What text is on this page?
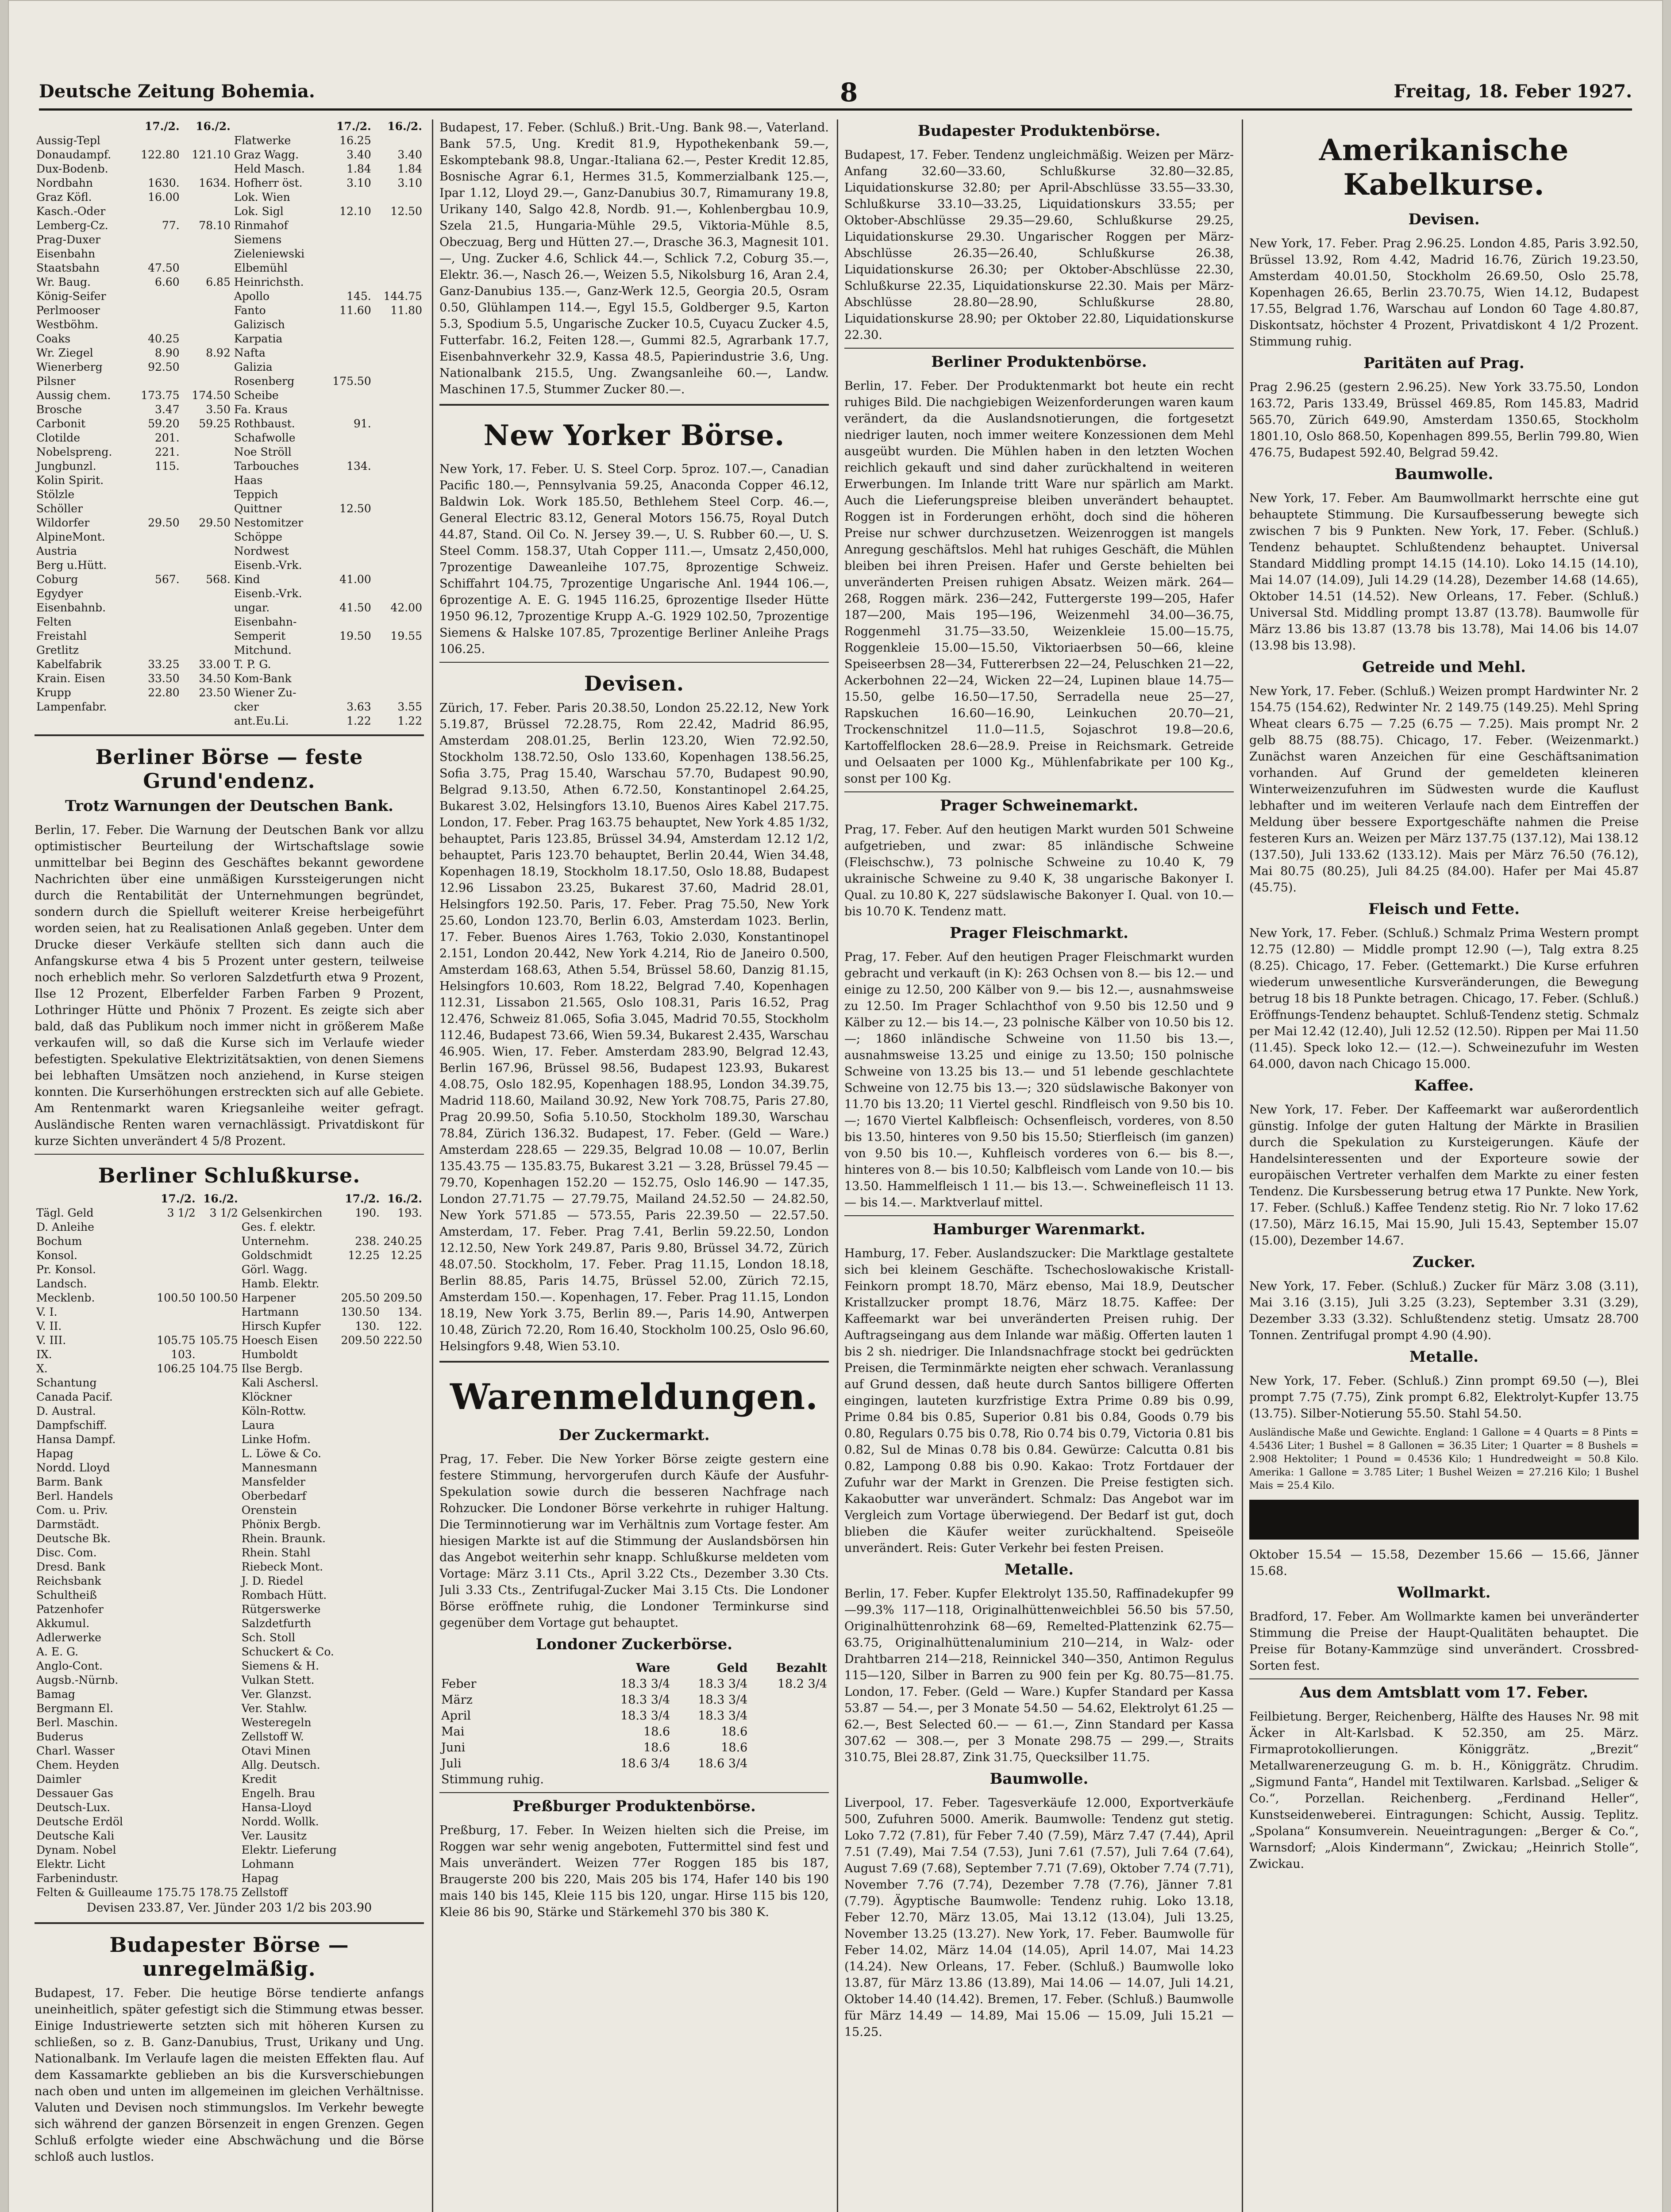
Deutsche Zeitung Bohemia.	8	Freitag, 18. Feber 1927.
	17./2.	16./2.		17./2.	16./2.
Aussig-Tepl			Flatwerke	16.25	
Donaudampf.	122.80	121.10	Graz Wagg.	3.40	3.40
Dux-Bodenb.			Held Masch.	1.84	1.84
Nordbahn	1630.	1634.	Hofherr öst.	3.10	3.10
Graz Köfl.	16.00		Lok. Wien		
Kasch.-Oder			Lok. Sigl	12.10	12.50
Lemberg-Cz.	77.	78.10	Rinmahof		
Prag-Duxer			Siemens		
Eisenbahn			Zieleniewski		
Staatsbahn	47.50		Elbemühl		
Wr. Baug.	6.60	6.85	Heinrichsth.		
König-Seifer			Apollo	145.	144.75
Perlmooser			Fanto	11.60	11.80
Westböhm.			Galizisch		
Coaks	40.25		Karpatia		
Wr. Ziegel	8.90	8.92	Nafta		
Wienerberg	92.50		Galizia		
Pilsner			Rosenberg	175.50	
Aussig chem.	173.75	174.50	Scheibe		
Brosche	3.47	3.50	Fa. Kraus		
Carbonit	59.20	59.25	Rothbaust.	91.	
Clotilde	201.		Schafwolle		
Nobelspreng.	221.		Noe Ströll		
Jungbunzl.	115.		Tarbouches	134.	
Kolin Spirit.			Haas		
Stölzle			Teppich		
Schöller			Quittner	12.50	
Wildorfer	29.50	29.50	Nestomitzer		
AlpineMont.			Schöppe		
Austria			Nordwest		
Berg u.Hütt.			Eisenb.-Vrk.		
Coburg	567.	568.	Kind	41.00	
Egydyer			Eisenb.-Vrk.		
Eisenbahnb.			ungar.	41.50	42.00
Felten			Eisenbahn-		
Freistahl			Semperit	19.50	19.55
Gretlitz			Mitchund.		
Kabelfabrik	33.25	33.00	T. P. G.		
Krain. Eisen	33.50	34.50	Kom-Bank		
Krupp	22.80	23.50	Wiener Zu-		
Lampenfabr.			cker	3.63	3.55
			ant.Eu.Li.	1.22	1.22
Berliner Börse — feste Grund'endenz.
Trotz Warnungen der Deutschen Bank.

Berlin, 17. Feber. Die Warnung der Deutschen Bank vor allzu optimistischer Beurteilung der Wirtschaftslage sowie unmittelbar bei Beginn des Geschäftes bekannt gewordene Nachrichten über eine unmäßigen Kurssteigerungen nicht durch die Rentabilität der Unternehmungen begründet, sondern durch die Spielluft weiterer Kreise herbeigeführt worden seien, hat zu Realisationen Anlaß gegeben. Unter dem Drucke dieser Verkäufe stellten sich dann auch die Anfangskurse etwa 4 bis 5 Prozent unter gestern, teilweise noch erheblich mehr. So verloren Salzdetfurth etwa 9 Prozent, Ilse 12 Prozent, Elberfelder Farben Farben 9 Prozent, Lothringer Hütte und Phönix 7 Prozent. Es zeigte sich aber bald, daß das Publikum noch immer nicht in größerem Maße verkaufen will, so daß die Kurse sich im Verlaufe wieder befestigten. Spekulative Elektrizitätsaktien, von denen Siemens bei lebhaften Umsätzen noch anziehend, in Kurse steigen konnten. Die Kurserhöhungen erstreckten sich auf alle Gebiete. Am Rentenmarkt waren Kriegsanleihe weiter gefragt. Ausländische Renten waren vernachlässigt. Privatdiskont für kurze Sichten unverändert 4 5/8 Prozent.

Berliner Schlußkurse.
	17./2.	16./2.		17./2.	16./2.
Tägl. Geld	3 1/2	3 1/2	Gelsenkirchen	190.	193.
D. Anleihe			Ges. f. elektr.		
Bochum			Unternehm.	238.	240.25
Konsol.			Goldschmidt	12.25	12.25
Pr. Konsol.			Görl. Wagg.		
Landsch.			Hamb. Elektr.		
Mecklenb.	100.50	100.50	Harpener	205.50	209.50
V. I.			Hartmann	130.50	134.
V. II.			Hirsch Kupfer	130.	122.
V. III.	105.75	105.75	Hoesch Eisen	209.50	222.50
IX.	103.		Humboldt		
X.	106.25	104.75	Ilse Bergb.		
Schantung			Kali Aschersl.		
Canada Pacif.			Klöckner		
D. Austral.			Köln-Rottw.		
Dampfschiff.			Laura		
Hansa Dampf.			Linke Hofm.		
Hapag			L. Löwe & Co.		
Nordd. Lloyd			Mannesmann		
Barm. Bank			Mansfelder		
Berl. Handels			Oberbedarf		
Com. u. Priv.			Orenstein		
Darmstädt.			Phönix Bergb.		
Deutsche Bk.			Rhein. Braunk.		
Disc. Com.			Rhein. Stahl		
Dresd. Bank			Riebeck Mont.		
Reichsbank			J. D. Riedel		
Schultheiß			Rombach Hütt.		
Patzenhofer			Rütgerswerke		
Akkumul.			Salzdetfurth		
Adlerwerke			Sch. Stoll		
A. E. G.			Schuckert & Co.		
Anglo-Cont.			Siemens & H.		
Augsb.-Nürnb.			Vulkan Stett.		
Bamag			Ver. Glanzst.		
Bergmann El.			Ver. Stahlw.		
Berl. Maschin.			Westeregeln		
Buderus			Zellstoff W.		
Charl. Wasser			Otavi Minen		
Chem. Heyden			Allg. Deutsch.		
Daimler			Kredit		
Dessauer Gas			Engelh. Brau		
Deutsch-Lux.			Hansa-Lloyd		
Deutsche Erdöl			Nordd. Wollk.		
Deutsche Kali			Ver. Lausitz		
Dynam. Nobel			Elektr. Lieferung		
Elektr. Licht			Lohmann		
Farbenindustr.			Hapag		
Felten & Guilleaume	175.75	178.75	Zellstoff		

Devisen 233.87, Ver. Jünder 203 1/2 bis 203.90

Budapester Börse — unregelmäßig.

Budapest, 17. Feber. Die heutige Börse tendierte anfangs uneinheitlich, später gefestigt sich die Stimmung etwas besser. Einige Industriewerte setzten sich mit höheren Kursen zu schließen, so z. B. Ganz-Danubius, Trust, Urikany und Ung. Nationalbank. Im Verlaufe lagen die meisten Effekten flau. Auf dem Kassamarkte geblieben an bis die Kursverschiebungen nach oben und unten im allgemeinen im gleichen Verhältnisse. Valuten und Devisen noch stimmungslos. Im Verkehr bewegte sich während der ganzen Börsenzeit in engen Grenzen. Gegen Schluß erfolgte wieder eine Abschwächung und die Börse schloß auch lustlos.

Budapest, 17. Feber. (Schluß.) Brit.-Ung. Bank 98.—, Vaterland. Bank 57.5, Ung. Kredit 81.9, Hypothekenbank 59.—, Eskomptebank 98.8, Ungar.-Italiana 62.—, Pester Kredit 12.85, Bosnische Agrar 6.1, Hermes 31.5, Kommerzialbank 125.—, Ipar 1.12, Lloyd 29.—, Ganz-Danubius 30.7, Rimamurany 19.8, Urikany 140, Salgo 42.8, Nordb. 91.—, Kohlenbergbau 10.9, Szela 21.5, Hungaria-Mühle 29.5, Viktoria-Mühle 8.5, Obeczuag, Berg und Hütten 27.—, Drasche 36.3, Magnesit 101.—, Ung. Zucker 4.6, Schlick 44.—, Schlick 7.2, Coburg 35.—, Elektr. 36.—, Nasch 26.—, Weizen 5.5, Nikolsburg 16, Aran 2.4, Ganz-Danubius 135.—, Ganz-Werk 12.5, Georgia 20.5, Osram 0.50, Glühlampen 114.—, Egyl 15.5, Goldberger 9.5, Karton 5.3, Spodium 5.5, Ungarische Zucker 10.5, Cuyacu Zucker 4.5, Futterfabr. 16.2, Feiten 128.—, Gummi 82.5, Agrarbank 17.7, Eisenbahnverkehr 32.9, Kassa 48.5, Papierindustrie 3.6, Ung. Nationalbank 215.5, Ung. Zwangsanleihe 60.—, Landw. Maschinen 17.5, Stummer Zucker 80.—.

New Yorker Börse.

New York, 17. Feber. U. S. Steel Corp. 5proz. 107.—, Canadian Pacific 180.—, Pennsylvania 59.25, Anaconda Copper 46.12, Baldwin Lok. Work 185.50, Bethlehem Steel Corp. 46.—, General Electric 83.12, General Motors 156.75, Royal Dutch 44.87, Stand. Oil Co. N. Jersey 39.—, U. S. Rubber 60.—, U. S. Steel Comm. 158.37, Utah Copper 111.—, Umsatz 2,450,000, 7prozentige Daweanleihe 107.75, 8prozentige Schweiz. Schiffahrt 104.75, 7prozentige Ungarische Anl. 1944 106.—, 6prozentige A. E. G. 1945 116.25, 6prozentige Ilseder Hütte 1950 96.12, 7prozentige Krupp A.-G. 1929 102.50, 7prozentige Siemens & Halske 107.85, 7prozentige Berliner Anleihe Prags 106.25.

Devisen.

Zürich, 17. Feber. Paris 20.38.50, London 25.22.12, New York 5.19.87, Brüssel 72.28.75, Rom 22.42, Madrid 86.95, Amsterdam 208.01.25, Berlin 123.20, Wien 72.92.50, Stockholm 138.72.50, Oslo 133.60, Kopenhagen 138.56.25, Sofia 3.75, Prag 15.40, Warschau 57.70, Budapest 90.90, Belgrad 9.13.50, Athen 6.72.50, Konstantinopel 2.64.25, Bukarest 3.02, Helsingfors 13.10, Buenos Aires Kabel 217.75. London, 17. Feber. Prag 163.75 behauptet, New York 4.85 1/32, behauptet, Paris 123.85, Brüssel 34.94, Amsterdam 12.12 1/2, behauptet, Paris 123.70 behauptet, Berlin 20.44, Wien 34.48, Kopenhagen 18.19, Stockholm 18.17.50, Oslo 18.88, Budapest 12.96 Lissabon 23.25, Bukarest 37.60, Madrid 28.01, Helsingfors 192.50. Paris, 17. Feber. Prag 75.50, New York 25.60, London 123.70, Berlin 6.03, Amsterdam 1023. Berlin, 17. Feber. Buenos Aires 1.763, Tokio 2.030, Konstantinopel 2.151, London 20.442, New York 4.214, Rio de Janeiro 0.500, Amsterdam 168.63, Athen 5.54, Brüssel 58.60, Danzig 81.15, Helsingfors 10.603, Rom 18.22, Belgrad 7.40, Kopenhagen 112.31, Lissabon 21.565, Oslo 108.31, Paris 16.52, Prag 12.476, Schweiz 81.065, Sofia 3.045, Madrid 70.55, Stockholm 112.46, Budapest 73.66, Wien 59.34, Bukarest 2.435, Warschau 46.905. Wien, 17. Feber. Amsterdam 283.90, Belgrad 12.43, Berlin 167.96, Brüssel 98.56, Budapest 123.93, Bukarest 4.08.75, Oslo 182.95, Kopenhagen 188.95, London 34.39.75, Madrid 118.60, Mailand 30.92, New York 708.75, Paris 27.80, Prag 20.99.50, Sofia 5.10.50, Stockholm 189.30, Warschau 78.84, Zürich 136.32. Budapest, 17. Feber. (Geld — Ware.) Amsterdam 228.65 — 229.35, Belgrad 10.08 — 10.07, Berlin 135.43.75 — 135.83.75, Bukarest 3.21 — 3.28, Brüssel 79.45 — 79.70, Kopenhagen 152.20 — 152.75, Oslo 146.90 — 147.35, London 27.71.75 — 27.79.75, Mailand 24.52.50 — 24.82.50, New York 571.85 — 573.55, Paris 22.39.50 — 22.57.50. Amsterdam, 17. Feber. Prag 7.41, Berlin 59.22.50, London 12.12.50, New York 249.87, Paris 9.80, Brüssel 34.72, Zürich 48.07.50. Stockholm, 17. Feber. Prag 11.15, London 18.18, Berlin 88.85, Paris 14.75, Brüssel 52.00, Zürich 72.15, Amsterdam 150.—. Kopenhagen, 17. Feber. Prag 11.15, London 18.19, New York 3.75, Berlin 89.—, Paris 14.90, Antwerpen 10.48, Zürich 72.20, Rom 16.40, Stockholm 100.25, Oslo 96.60, Helsingfors 9.48, Wien 53.10.

Warenmeldungen.
Der Zuckermarkt.

Prag, 17. Feber. Die New Yorker Börse zeigte gestern eine festere Stimmung, hervorgerufen durch Käufe der Ausfuhr-Spekulation sowie durch die besseren Nachfrage nach Rohzucker. Die Londoner Börse verkehrte in ruhiger Haltung. Die Terminnotierung war im Verhältnis zum Vortage fester. Am hiesigen Markte ist auf die Stimmung der Auslandsbörsen hin das Angebot weiterhin sehr knapp. Schlußkurse meldeten vom Vortage: März 3.11 Cts., April 3.22 Cts., Dezember 3.30 Cts. Juli 3.33 Cts., Zentrifugal-Zucker Mai 3.15 Cts. Die Londoner Börse eröffnete ruhig, die Londoner Terminkurse sind gegenüber dem Vortage gut behauptet.

Londoner Zuckerbörse.
	Ware	Geld	Bezahlt
Feber	18.3 3/4	18.3 3/4	18.2 3/4
März	18.3 3/4	18.3 3/4	
April	18.3 3/4	18.3 3/4	
Mai	18.6	18.6	
Juni	18.6	18.6	
Juli	18.6 3/4	18.6 3/4	
Stimmung ruhig.			
Preßburger Produktenbörse.

Preßburg, 17. Feber. In Weizen hielten sich die Preise, im Roggen war sehr wenig angeboten, Futtermittel sind fest und Mais unverändert. Weizen 77er Roggen 185 bis 187, Braugerste 200 bis 220, Mais 205 bis 174, Hafer 140 bis 190 mais 140 bis 145, Kleie 115 bis 120, ungar. Hirse 115 bis 120, Kleie 86 bis 90, Stärke und Stärkemehl 370 bis 380 K.

Budapester Produktenbörse.

Budapest, 17. Feber. Tendenz ungleichmäßig. Weizen per März-Anfang 32.60—33.60, Schlußkurse 32.80—32.85, Liquidationskurse 32.80; per April-Abschlüsse 33.55—33.30, Schlußkurse 33.10—33.25, Liquidationskurs 33.55; per Oktober-Abschlüsse 29.35—29.60, Schlußkurse 29.25, Liquidationskurse 29.30. Ungarischer Roggen per März-Abschlüsse 26.35—26.40, Schlußkurse 26.38, Liquidationskurse 26.30; per Oktober-Abschlüsse 22.30, Schlußkurse 22.35, Liquidationskurse 22.30. Mais per März-Abschlüsse 28.80—28.90, Schlußkurse 28.80, Liquidationskurse 28.90; per Oktober 22.80, Liquidationskurse 22.30.

Berliner Produktenbörse.

Berlin, 17. Feber. Der Produktenmarkt bot heute ein recht ruhiges Bild. Die nachgiebigen Weizenforderungen waren kaum verändert, da die Auslandsnotierungen, die fortgesetzt niedriger lauten, noch immer weitere Konzessionen dem Mehl ausgeübt wurden. Die Mühlen haben in den letzten Wochen reichlich gekauft und sind daher zurückhaltend in weiteren Erwerbungen. Im Inlande tritt Ware nur spärlich am Markt. Auch die Lieferungspreise bleiben unverändert behauptet. Roggen ist in Forderungen erhöht, doch sind die höheren Preise nur schwer durchzusetzen. Weizenroggen ist mangels Anregung geschäftslos. Mehl hat ruhiges Geschäft, die Mühlen bleiben bei ihren Preisen. Hafer und Gerste behielten bei unveränderten Preisen ruhigen Absatz. Weizen märk. 264—268, Roggen märk. 236—242, Futtergerste 199—205, Hafer 187—200, Mais 195—196, Weizenmehl 34.00—36.75, Roggenmehl 31.75—33.50, Weizenkleie 15.00—15.75, Roggenkleie 15.00—15.50, Viktoriaerbsen 50—66, kleine Speiseerbsen 28—34, Futtererbsen 22—24, Peluschken 21—22, Ackerbohnen 22—24, Wicken 22—24, Lupinen blaue 14.75—15.50, gelbe 16.50—17.50, Serradella neue 25—27, Rapskuchen 16.60—16.90, Leinkuchen 20.70—21, Trockenschnitzel 11.0—11.5, Sojaschrot 19.8—20.6, Kartoffelflocken 28.6—28.9. Preise in Reichsmark. Getreide und Oelsaaten per 1000 Kg., Mühlenfabrikate per 100 Kg., sonst per 100 Kg.

Prager Schweinemarkt.

Prag, 17. Feber. Auf den heutigen Markt wurden 501 Schweine aufgetrieben, und zwar: 85 inländische Schweine (Fleischschw.), 73 polnische Schweine zu 10.40 K, 79 ukrainische Schweine zu 9.40 K, 38 ungarische Bakonyer I. Qual. zu 10.80 K, 227 südslawische Bakonyer I. Qual. von 10.— bis 10.70 K. Tendenz matt.

Prager Fleischmarkt.

Prag, 17. Feber. Auf den heutigen Prager Fleischmarkt wurden gebracht und verkauft (in K): 263 Ochsen von 8.— bis 12.— und einige zu 12.50, 200 Kälber von 9.— bis 12.—, ausnahmsweise zu 12.50. Im Prager Schlachthof von 9.50 bis 12.50 und 9 Kälber zu 12.— bis 14.—, 23 polnische Kälber von 10.50 bis 12.—; 1860 inländische Schweine von 11.50 bis 13.—, ausnahmsweise 13.25 und einige zu 13.50; 150 polnische Schweine von 13.25 bis 13.— und 51 lebende geschlachtete Schweine von 12.75 bis 13.—; 320 südslawische Bakonyer von 11.70 bis 13.20; 11 Viertel geschl. Rindfleisch von 9.50 bis 10.—; 1670 Viertel Kalbfleisch: Ochsenfleisch, vorderes, von 8.50 bis 13.50, hinteres von 9.50 bis 15.50; Stierfleisch (im ganzen) von 9.50 bis 10.—, Kuhfleisch vorderes von 6.— bis 8.—, hinteres von 8.— bis 10.50; Kalbfleisch vom Lande von 10.— bis 13.50. Hammelfleisch 1 11.— bis 13.—. Schweinefleisch 11 13.— bis 14.—. Marktverlauf mittel.

Hamburger Warenmarkt.

Hamburg, 17. Feber. Auslandszucker: Die Marktlage gestaltete sich bei kleinem Geschäfte. Tschechoslowakische Kristall-Feinkorn prompt 18.70, März ebenso, Mai 18.9, Deutscher Kristallzucker prompt 18.76, März 18.75. Kaffee: Der Kaffeemarkt war bei unveränderten Preisen ruhig. Der Auftragseingang aus dem Inlande war mäßig. Offerten lauten 1 bis 2 sh. niedriger. Die Inlandsnachfrage stockt bei gedrückten Preisen, die Terminmärkte neigten eher schwach. Veranlassung auf Grund dessen, daß heute durch Santos billigere Offerten eingingen, lauteten kurzfristige Extra Prime 0.89 bis 0.99, Prime 0.84 bis 0.85, Superior 0.81 bis 0.84, Goods 0.79 bis 0.80, Regulars 0.75 bis 0.78, Rio 0.74 bis 0.79, Victoria 0.81 bis 0.82, Sul de Minas 0.78 bis 0.84. Gewürze: Calcutta 0.81 bis 0.82, Lampong 0.88 bis 0.90. Kakao: Trotz Fortdauer der Zufuhr war der Markt in Grenzen. Die Preise festigten sich. Kakaobutter war unverändert. Schmalz: Das Angebot war im Vergleich zum Vortage überwiegend. Der Bedarf ist gut, doch blieben die Käufer weiter zurückhaltend. Speiseöle unverändert. Reis: Guter Verkehr bei festen Preisen.

Metalle.

Berlin, 17. Feber. Kupfer Elektrolyt 135.50, Raffinadekupfer 99—99.3% 117—118, Originalhüttenweichblei 56.50 bis 57.50, Originalhüttenrohzink 68—69, Remelted-Plattenzink 62.75—63.75, Originalhüttenaluminium 210—214, in Walz- oder Drahtbarren 214—218, Reinnickel 340—350, Antimon Regulus 115—120, Silber in Barren zu 900 fein per Kg. 80.75—81.75. London, 17. Feber. (Geld — Ware.) Kupfer Standard per Kassa 53.87 — 54.—, per 3 Monate 54.50 — 54.62, Elektrolyt 61.25 — 62.—, Best Selected 60.— — 61.—, Zinn Standard per Kassa 307.62 — 308.—, per 3 Monate 298.75 — 299.—, Straits 310.75, Blei 28.87, Zink 31.75, Quecksilber 11.75.

Baumwolle.

Liverpool, 17. Feber. Tagesverkäufe 12.000, Exportverkäufe 500, Zufuhren 5000. Amerik. Baumwolle: Tendenz gut stetig. Loko 7.72 (7.81), für Feber 7.40 (7.59), März 7.47 (7.44), April 7.51 (7.49), Mai 7.54 (7.53), Juni 7.61 (7.57), Juli 7.64 (7.64), August 7.69 (7.68), September 7.71 (7.69), Oktober 7.74 (7.71), November 7.76 (7.74), Dezember 7.78 (7.76), Jänner 7.81 (7.79). Ägyptische Baumwolle: Tendenz ruhig. Loko 13.18, Feber 12.70, März 13.05, Mai 13.12 (13.04), Juli 13.25, November 13.25 (13.27). New York, 17. Feber. Baumwolle für Feber 14.02, März 14.04 (14.05), April 14.07, Mai 14.23 (14.24). New Orleans, 17. Feber. (Schluß.) Baumwolle loko 13.87, für März 13.86 (13.89), Mai 14.06 — 14.07, Juli 14.21, Oktober 14.40 (14.42). Bremen, 17. Feber. (Schluß.) Baumwolle für März 14.49 — 14.89, Mai 15.06 — 15.09, Juli 15.21 — 15.25.

Amerikanische Kabelkurse.
Devisen.

New York, 17. Feber. Prag 2.96.25. London 4.85, Paris 3.92.50, Brüssel 13.92, Rom 4.42, Madrid 16.76, Zürich 19.23.50, Amsterdam 40.01.50, Stockholm 26.69.50, Oslo 25.78, Kopenhagen 26.65, Berlin 23.70.75, Wien 14.12, Budapest 17.55, Belgrad 1.76, Warschau auf London 60 Tage 4.80.87, Diskontsatz, höchster 4 Prozent, Privatdiskont 4 1/2 Prozent. Stimmung ruhig.

Paritäten auf Prag.

Prag 2.96.25 (gestern 2.96.25). New York 33.75.50, London 163.72, Paris 133.49, Brüssel 469.85, Rom 145.83, Madrid 565.70, Zürich 649.90, Amsterdam 1350.65, Stockholm 1801.10, Oslo 868.50, Kopenhagen 899.55, Berlin 799.80, Wien 476.75, Budapest 592.40, Belgrad 59.42.

Baumwolle.

New York, 17. Feber. Am Baumwollmarkt herrschte eine gut behauptete Stimmung. Die Kursaufbesserung bewegte sich zwischen 7 bis 9 Punkten. New York, 17. Feber. (Schluß.) Tendenz behauptet. Schlußtendenz behauptet. Universal Standard Middling prompt 14.15 (14.10). Loko 14.15 (14.10), Mai 14.07 (14.09), Juli 14.29 (14.28), Dezember 14.68 (14.65), Oktober 14.51 (14.52). New Orleans, 17. Feber. (Schluß.) Universal Std. Middling prompt 13.87 (13.78). Baumwolle für März 13.86 bis 13.87 (13.78 bis 13.78), Mai 14.06 bis 14.07 (13.98 bis 13.98).

Getreide und Mehl.

New York, 17. Feber. (Schluß.) Weizen prompt Hardwinter Nr. 2 154.75 (154.62), Redwinter Nr. 2 149.75 (149.25). Mehl Spring Wheat clears 6.75 — 7.25 (6.75 — 7.25). Mais prompt Nr. 2 gelb 88.75 (88.75). Chicago, 17. Feber. (Weizenmarkt.) Zunächst waren Anzeichen für eine Geschäftsanimation vorhanden. Auf Grund der gemeldeten kleineren Winterweizenzufuhren im Südwesten wurde die Kauflust lebhafter und im weiteren Verlaufe nach dem Eintreffen der Meldung über bessere Exportgeschäfte nahmen die Preise festeren Kurs an. Weizen per März 137.75 (137.12), Mai 138.12 (137.50), Juli 133.62 (133.12). Mais per März 76.50 (76.12), Mai 80.75 (80.25), Juli 84.25 (84.00). Hafer per Mai 45.87 (45.75).

Fleisch und Fette.

New York, 17. Feber. (Schluß.) Schmalz Prima Western prompt 12.75 (12.80) — Middle prompt 12.90 (—), Talg extra 8.25 (8.25). Chicago, 17. Feber. (Gettemarkt.) Die Kurse erfuhren wiederum unwesentliche Kursveränderungen, die Bewegung betrug 18 bis 18 Punkte betragen. Chicago, 17. Feber. (Schluß.) Eröffnungs-Tendenz behauptet. Schluß-Tendenz stetig. Schmalz per Mai 12.42 (12.40), Juli 12.52 (12.50). Rippen per Mai 11.50 (11.45). Speck loko 12.— (12.—). Schweinezufuhr im Westen 64.000, davon nach Chicago 15.000.

Kaffee.

New York, 17. Feber. Der Kaffeemarkt war außerordentlich günstig. Infolge der guten Haltung der Märkte in Brasilien durch die Spekulation zu Kursteigerungen. Käufe der Handelsinteressenten und der Exporteure sowie der europäischen Vertreter verhalfen dem Markte zu einer festen Tendenz. Die Kursbesserung betrug etwa 17 Punkte. New York, 17. Feber. (Schluß.) Kaffee Tendenz stetig. Rio Nr. 7 loko 17.62 (17.50), März 16.15, Mai 15.90, Juli 15.43, September 15.07 (15.00), Dezember 14.67.

Zucker.

New York, 17. Feber. (Schluß.) Zucker für März 3.08 (3.11), Mai 3.16 (3.15), Juli 3.25 (3.23), September 3.31 (3.29), Dezember 3.33 (3.32). Schlußtendenz stetig. Umsatz 28.700 Tonnen. Zentrifugal prompt 4.90 (4.90).

Metalle.

New York, 17. Feber. (Schluß.) Zinn prompt 69.50 (—), Blei prompt 7.75 (7.75), Zink prompt 6.82, Elektrolyt-Kupfer 13.75 (13.75). Silber-Notierung 55.50. Stahl 54.50.

Ausländische Maße und Gewichte. England: 1 Gallone = 4 Quarts = 8 Pints = 4.5436 Liter; 1 Bushel = 8 Gallonen = 36.35 Liter; 1 Quarter = 8 Bushels = 2.908 Hektoliter; 1 Pound = 0.4536 Kilo; 1 Hundredweight = 50.8 Kilo. Amerika: 1 Gallone = 3.785 Liter; 1 Bushel Weizen = 27.216 Kilo; 1 Bushel Mais = 25.4 Kilo.

Oktober 15.54 — 15.58, Dezember 15.66 — 15.66, Jänner 15.68.

Wollmarkt.

Bradford, 17. Feber. Am Wollmarkte kamen bei unveränderter Stimmung die Preise der Haupt-Qualitäten behauptet. Die Preise für Botany-Kammzüge sind unverändert. Crossbred-Sorten fest.

Aus dem Amtsblatt vom 17. Feber.

Feilbietung. Berger, Reichenberg, Hälfte des Hauses Nr. 98 mit Äcker in Alt-Karlsbad. K 52.350, am 25. März. Firmaprotokollierungen. Königgrätz. „Brezit“ Metallwarenerzeugung G. m. b. H., Königgrätz. Chrudim. „Sigmund Fanta“, Handel mit Textilwaren. Karlsbad. „Seliger & Co.“, Porzellan. Reichenberg. „Ferdinand Heller“, Kunstseidenweberei. Eintragungen: Schicht, Aussig. Teplitz. „Spolana“ Konsumverein. Neueintragungen: „Berger & Co.“, Warnsdorf; „Alois Kindermann“, Zwickau; „Heinrich Stolle“, Zwickau.
